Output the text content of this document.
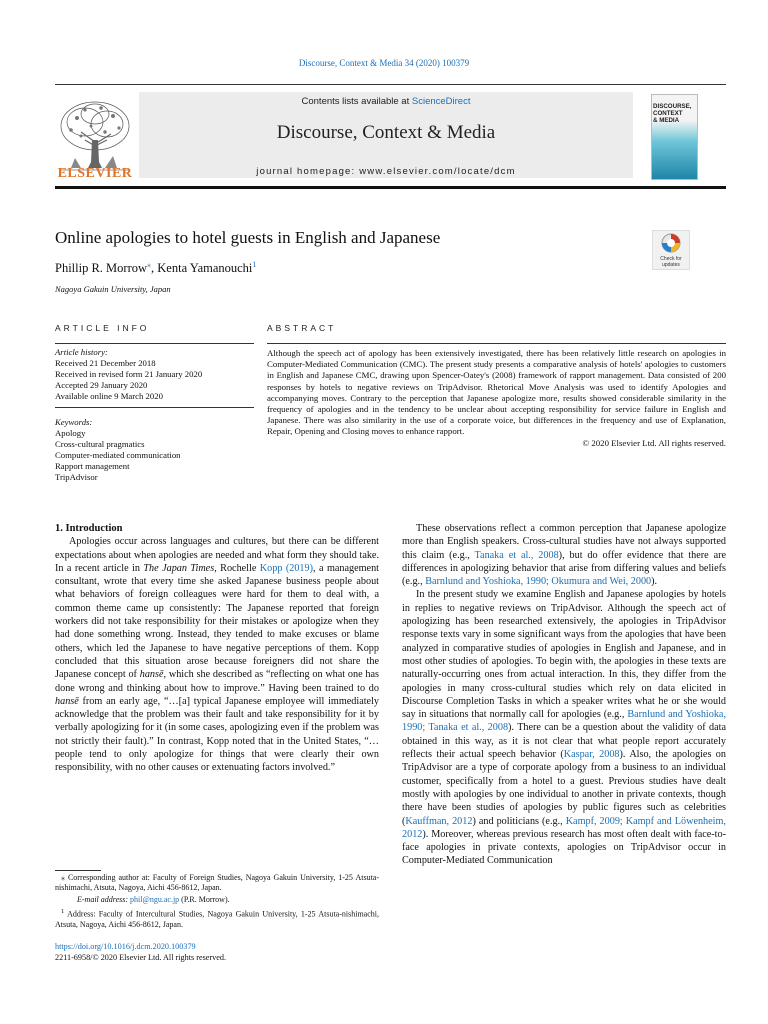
Discourse, Context & Media 34 (2020) 100379
ELSEVIER
Contents lists available at ScienceDirect
Discourse, Context & Media
journal homepage: www.elsevier.com/locate/dcm
DISCOURSE,
CONTEXT
& MEDIA
Online apologies to hotel guests in English and Japanese
Check for
updates
Phillip R. Morrow⁎, Kenta Yamanouchi$^1$
Nagoya Gakuin University, Japan
ARTICLE INFO	ABSTRACT
Article history:
Received 21 December 2018
Received in revised form 21 January 2020
Accepted 29 January 2020
Available online 9 March 2020
Keywords:
Apology
Cross-cultural pragmatics
Computer-mediated communication
Rapport management
TripAdvisor
Although the speech act of apology has been extensively investigated, there has been relatively little research on apologies in Computer-Mediated Communication (CMC). The present study presents a comparative analysis of hotels' apologies to customers in English and Japanese CMC, drawing upon Spencer-Oatey's (2008) framework of rapport management. Data consisted of 200 responses by hotels to negative reviews on TripAdvisor. Rhetorical Move Analysis was used to identify Apologies and accompanying moves. Contrary to the perception that Japanese apologize more, results showed considerable similarity in the frequency of apologies and in the tendency to be unclear about accepting responsibility for service failure in English and Japanese. There was also similarity in the use of a corporate voice, but differences in the frequency and use of Explanation, Repair, Opening and Closing moves to enhance rapport.
© 2020 Elsevier Ltd. All rights reserved.

1. Introduction

Apologies occur across languages and cultures, but there can be different expectations about when apologies are needed and what form they should take. In a recent article in The Japan Times, Rochelle Kopp (2019), a management consultant, wrote that every time she asked Japanese business people about what behaviors of foreign colleagues were hard for them to deal with, a common theme came up consistently: The Japanese reported that foreign workers did not take responsibility for their mistakes or apologize when they had done something wrong. Instead, they tended to make excuses or blame others, which led the Japanese to have negative perceptions of them. Kopp concluded that this situation arose because foreigners did not share the Japanese concept of hansē, which she described as “reflecting on what one has done wrong and thinking about how to improve.” Having been trained to do hansē from an early age, “…[a] typical Japanese employee will immediately acknowledge that the problem was their fault and take responsibility for it by verbally apologizing for it (in some cases, apologizing even if the problem was not strictly their fault).” In contrast, Kopp noted that in the United States, “…people tend to only apologize for things that were clearly their own responsibility, with no other causes or extenuating factors involved.”

These observations reflect a common perception that Japanese apologize more than English speakers. Cross-cultural studies have not always supported this claim (e.g., Tanaka et al., 2008), but do offer evidence that there are differences in apologizing behavior that arise from differing values and beliefs (e.g., Barnlund and Yoshioka, 1990; Okumura and Wei, 2000).

In the present study we examine English and Japanese apologies by hotels in replies to negative reviews on TripAdvisor. Although the speech act of apologizing has been researched extensively, the apologies in TripAdvisor response texts vary in some significant ways from the apologies that have been analyzed in comparative studies of apologies in English and Japanese, and in most other studies of apologies. To begin with, the apologies in these texts are naturally-occurring ones from actual interaction. In this, they differ from the apologies in many cross-cultural studies which rely on data elicited in Discourse Completion Tasks in which a speaker writes what he or she would say in situations that normally call for apologies (e.g., Barnlund and Yoshioka, 1990; Tanaka et al., 2008). There can be a question about the validity of data obtained in this way, as it is not clear that what people report accurately reflects their actual speech behavior (Kaspar, 2008). Also, the apologies on TripAdvisor are a type of corporate apology from a business to an individual customer, specifically from a hotel to a guest. Previous studies have dealt mostly with apologies by one individual to another in private contexts, though there have been studies of apologies by public figures such as celebrities (Kauffman, 2012) and politicians (e.g., Kampf, 2009; Kampf and Löwenheim, 2012). Moreover, whereas previous research has most often dealt with face-to-face apologies in private contexts, apologies on TripAdvisor occur in Computer-Mediated Communication

⁎ Corresponding author at: Faculty of Foreign Studies, Nagoya Gakuin University, 1-25 Atsuta-nishimachi, Atsuta, Nagoya, Aichi 456-8612, Japan.

E-mail address: phil@ngu.ac.jp (P.R. Morrow).

$^1$ Address: Faculty of Intercultural Studies, Nagoya Gakuin University, 1-25 Atsuta-nishimachi, Atsuta, Nagoya, Aichi 456-8612, Japan.

https://doi.org/10.1016/j.dcm.2020.100379
2211-6958/© 2020 Elsevier Ltd. All rights reserved.
